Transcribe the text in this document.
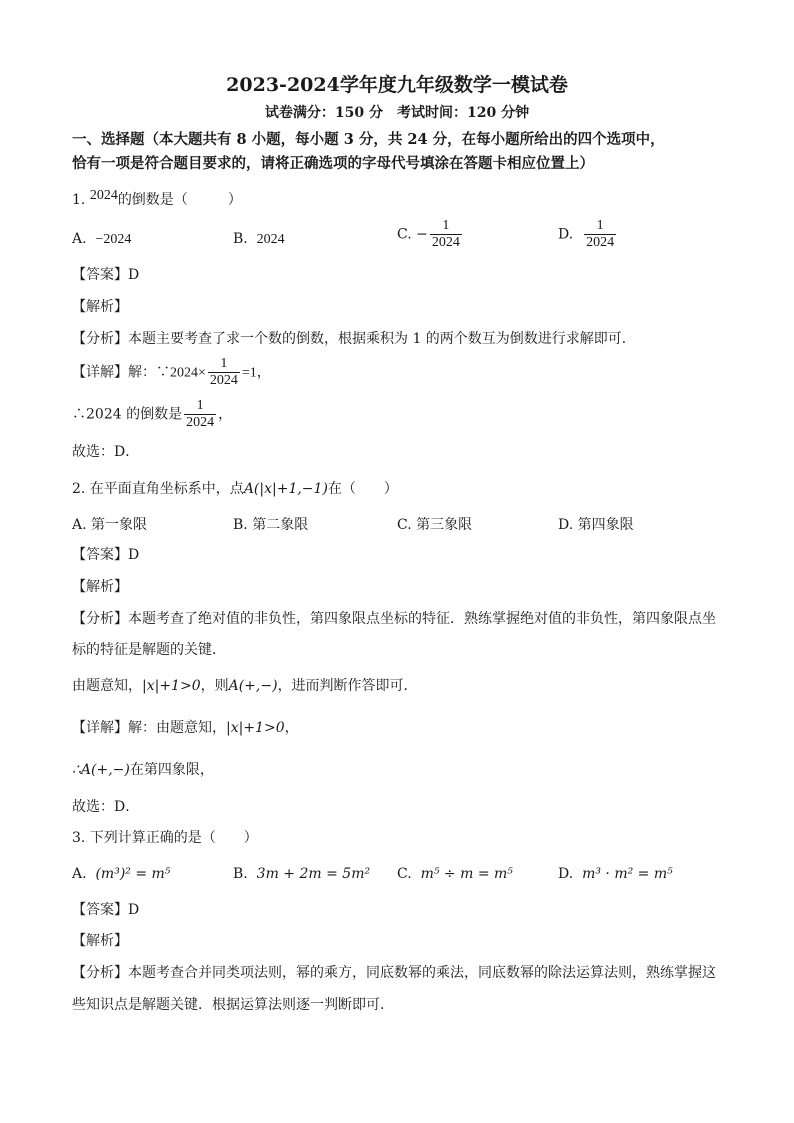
2023-2024学年度九年级数学一模试卷
试卷满分：150 分　考试时间：120 分钟
一、选择题（本大题共有 8 小题，每小题 3 分，共 24 分，在每小题所给出的四个选项中，
恰有一项是符合题目要求的，请将正确选项的字母代号填涂在答题卡相应位置上）
1. 2024的倒数是（	）
A. −2024	B. 2024	C. − $\frac{1}{2024}$	D. $\frac{1}{2024}$
【答案】D
【解析】
【分析】本题主要考查了求一个数的倒数，根据乘积为 1 的两个数互为倒数进行求解即可．
【详解】解：∵2024× $\frac{1}{2024} =1$，
∴2024 的倒数是 $\frac{1}{2024}$ ，
故选：D．
2. 在平面直角坐标系中，点A(|x|+1,−1)在（　　）
A. 第一象限	B. 第二象限	C. 第三象限	D. 第四象限
【答案】D
【解析】
【分析】本题考查了绝对值的非负性，第四象限点坐标的特征．熟练掌握绝对值的非负性，第四象限点坐
标的特征是解题的关键．
由题意知，|x|+1>0，则A(+,−)，进而判断作答即可．
【详解】解：由题意知，|x|+1>0，
∴A(+,−)在第四象限，
故选：D．
3. 下列计算正确的是（　　）
A. (m³)² = m⁵	B. 3m + 2m = 5m² C. m⁵ ÷ m = m⁵	D. m³ · m² = m⁵
【答案】D
【解析】
【分析】本题考查合并同类项法则，幂的乘方，同底数幂的乘法，同底数幂的除法运算法则，熟练掌握这
些知识点是解题关键．根据运算法则逐一判断即可．
